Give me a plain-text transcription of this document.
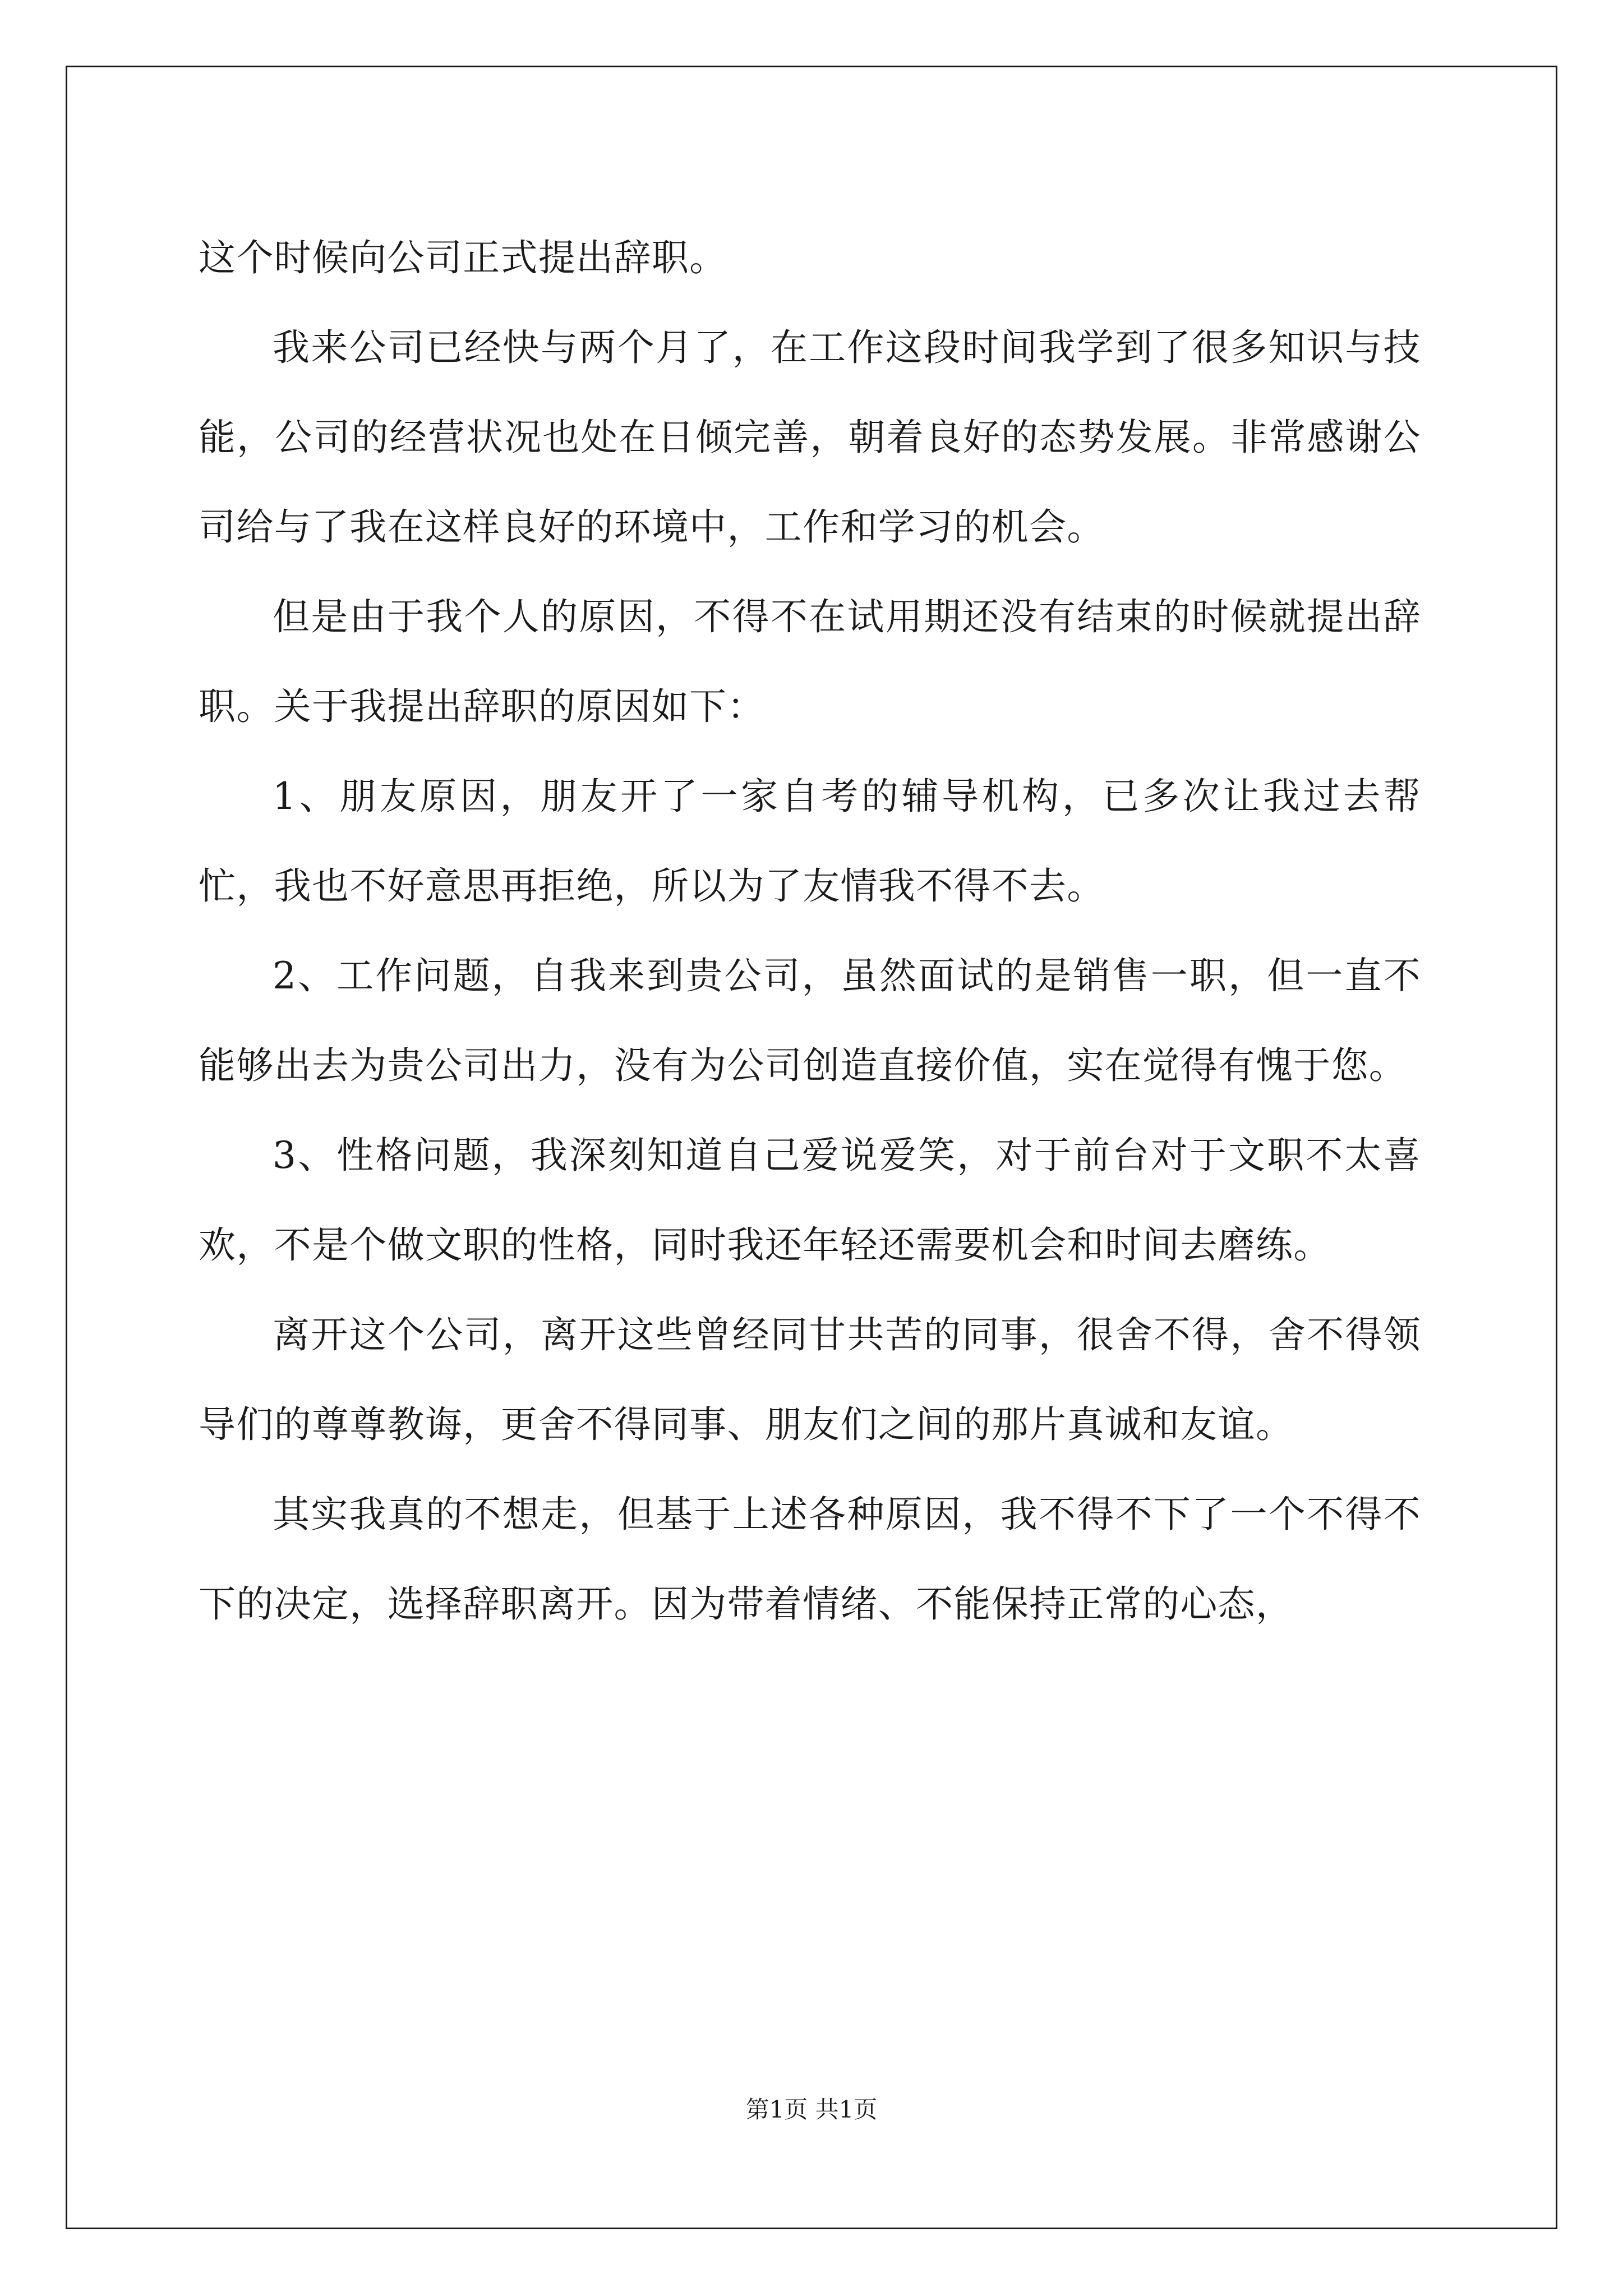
这个时候向公司正式提出辞职。

我来公司已经快与两个月了，在工作这段时间我学到了很多知识与技能，公司的经营状况也处在日倾完善，朝着良好的态势发展。非常感谢公司给与了我在这样良好的环境中，工作和学习的机会。

但是由于我个人的原因，不得不在试用期还没有结束的时候就提出辞职。关于我提出辞职的原因如下：

1、朋友原因，朋友开了一家自考的辅导机构，已多次让我过去帮忙，我也不好意思再拒绝，所以为了友情我不得不去。

2、工作问题，自我来到贵公司，虽然面试的是销售一职，但一直不能够出去为贵公司出力，没有为公司创造直接价值，实在觉得有愧于您。

3、性格问题，我深刻知道自己爱说爱笑，对于前台对于文职不太喜欢，不是个做文职的性格，同时我还年轻还需要机会和时间去磨练。

离开这个公司，离开这些曾经同甘共苦的同事，很舍不得，舍不得领导们的尊尊教诲，更舍不得同事、朋友们之间的那片真诚和友谊。

其实我真的不想走，但基于上述各种原因，我不得不下了一个不得不下的决定，选择辞职离开。因为带着情绪、不能保持正常的心态，

第1页 共1页
